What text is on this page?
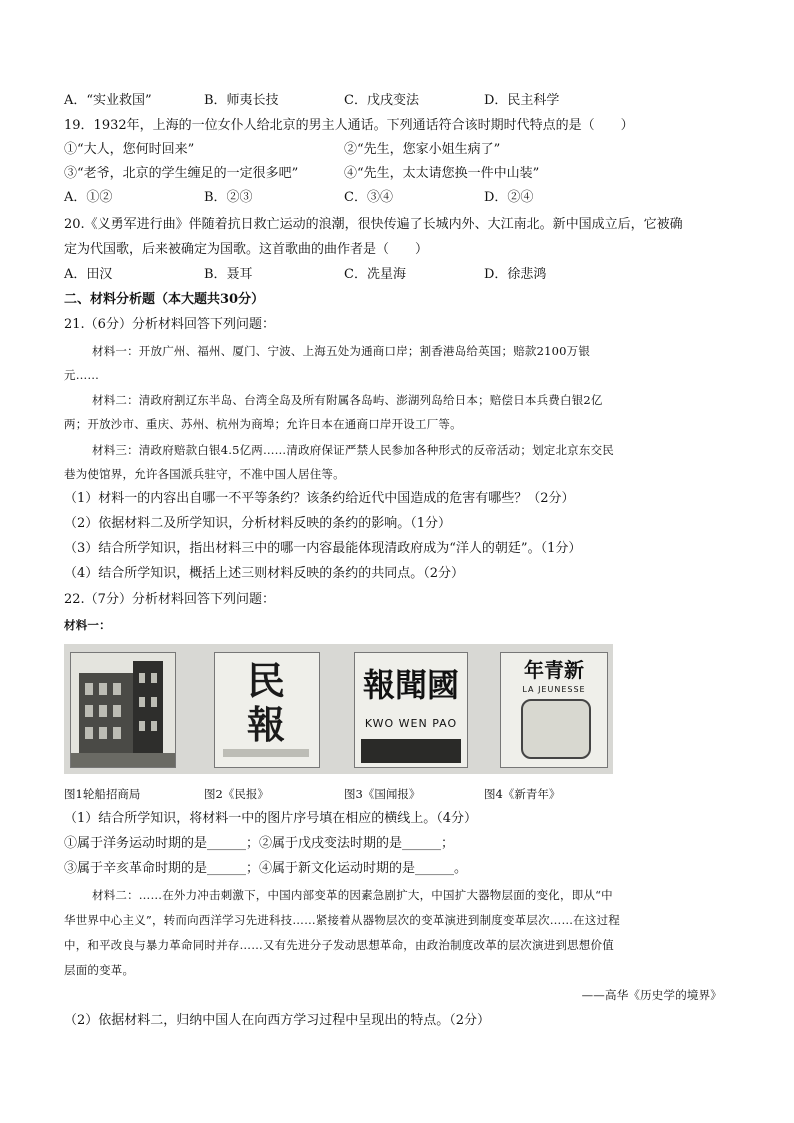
A．“实业救国”	B．师夷长技	C．戊戌变法	D．民主科学
19．1932年，上海的一位女仆人给北京的男主人通话。下列通话符合该时期时代特点的是（　　）
①“大人，您何时回来”	②“先生，您家小姐生病了”
③“老爷，北京的学生缠足的一定很多吧”	④“先生，太太请您换一件中山装”
A．①②	B．②③	C．③④	D．②④
20.《义勇军进行曲》伴随着抗日救亡运动的浪潮，很快传遍了长城内外、大江南北。新中国成立后，它被确
定为代国歌，后来被确定为国歌。这首歌曲的曲作者是（　　）
A．田汉	B．聂耳	C．冼星海	D．徐悲鸿
二、材料分析题（本大题共30分）
21.（6分）分析材料回答下列问题：
材料一：开放广州、福州、厦门、宁波、上海五处为通商口岸；割香港岛给英国；赔款2100万银
元……
材料二：清政府割辽东半岛、台湾全岛及所有附属各岛屿、澎湖列岛给日本；赔偿日本兵费白银2亿
两；开放沙市、重庆、苏州、杭州为商埠；允许日本在通商口岸开设工厂等。
材料三：清政府赔款白银4.5亿两……清政府保证严禁人民参加各种形式的反帝活动；划定北京东交民
巷为使馆界，允许各国派兵驻守，不准中国人居住等。
（1）材料一的内容出自哪一不平等条约？该条约给近代中国造成的危害有哪些？（2分）
（2）依据材料二及所学知识，分析材料反映的条约的影响。（1分）
（3）结合所学知识，指出材料三中的哪一内容最能体现清政府成为“洋人的朝廷”。（1分）
（4）结合所学知识，概括上述三则材料反映的条约的共同点。（2分）
22.（7分）分析材料回答下列问题：
材料一：
民報
報聞國
KWO WEN PAO
年青新
LA JEUNESSE
图1轮船招商局	图2《民报》	图3《国闻报》	图4《新青年》
（1）结合所学知识，将材料一中的图片序号填在相应的横线上。（4分）
①属于洋务运动时期的是______；②属于戊戌变法时期的是______；
③属于辛亥革命时期的是______；④属于新文化运动时期的是______。
材料二：……在外力冲击刺激下，中国内部变革的因素急剧扩大，中国扩大器物层面的变化，即从“中
华世界中心主义”，转而向西洋学习先进科技……紧接着从器物层次的变革演进到制度变革层次……在这过程
中，和平改良与暴力革命同时并存……又有先进分子发动思想革命，由政治制度改革的层次演进到思想价值
层面的变革。
——高华《历史学的境界》
（2）依据材料二，归纳中国人在向西方学习过程中呈现出的特点。（2分）
